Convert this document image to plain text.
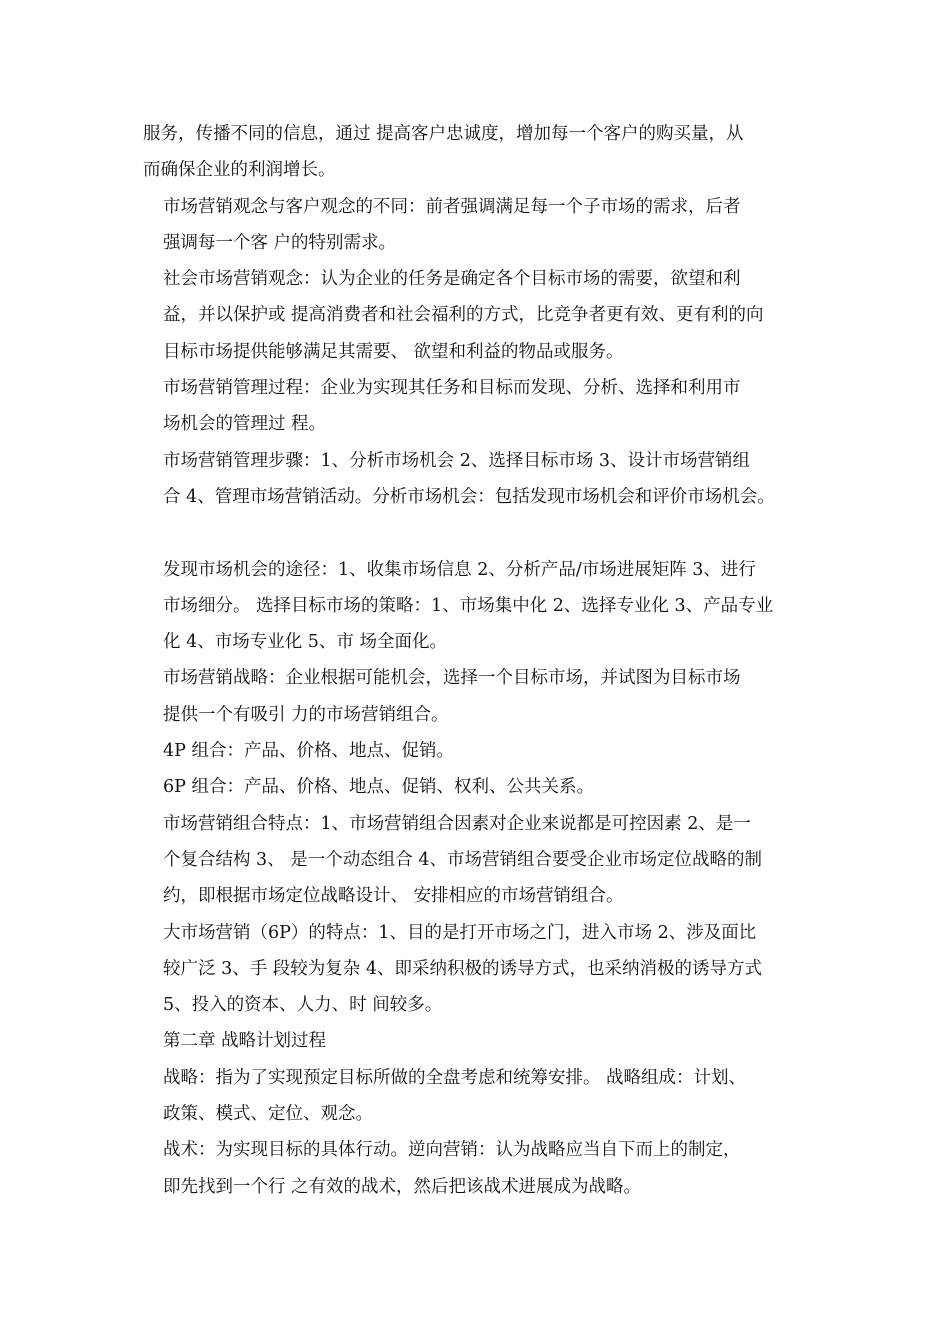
服务，传播不同的信息，通过 提高客户忠诚度，增加每一个客户的购买量，从
而确保企业的利润增长。

市场营销观念与客户观念的不同：前者强调满足每一个子市场的需求，后者
强调每一个客 户的特别需求。

社会市场营销观念：认为企业的任务是确定各个目标市场的需要，欲望和利
益，并以保护或 提高消费者和社会福利的方式，比竞争者更有效、更有利的向
目标市场提供能够满足其需要、 欲望和利益的物品或服务。

市场营销管理过程：企业为实现其任务和目标而发现、分析、选择和利用市
场机会的管理过 程。

市场营销管理步骤：1、分析市场机会 2、选择目标市场 3、设计市场营销组
合 4、管理市场营销活动。分析市场机会：包括发现市场机会和评价市场机会。

发现市场机会的途径：1、收集市场信息 2、分析产品/市场进展矩阵 3、进行
市场细分。 选择目标市场的策略：1、市场集中化 2、选择专业化 3、产品专业
化 4、市场专业化 5、市 场全面化。

市场营销战略：企业根据可能机会，选择一个目标市场，并试图为目标市场
提供一个有吸引 力的市场营销组合。

4P 组合：产品、价格、地点、促销。

6P 组合：产品、价格、地点、促销、权利、公共关系。

市场营销组合特点：1、市场营销组合因素对企业来说都是可控因素 2、是一
个复合结构 3、 是一个动态组合 4、市场营销组合要受企业市场定位战略的制
约，即根据市场定位战略设计、 安排相应的市场营销组合。

大市场营销（6P）的特点：1、目的是打开市场之门，进入市场 2、涉及面比
较广泛 3、手 段较为复杂 4、即采纳积极的诱导方式，也采纳消极的诱导方式
5、投入的资本、人力、时 间较多。

第二章 战略计划过程

战略：指为了实现预定目标所做的全盘考虑和统筹安排。 战略组成：计划、
政策、模式、定位、观念。

战术：为实现目标的具体行动。逆向营销：认为战略应当自下而上的制定，
即先找到一个行 之有效的战术，然后把该战术进展成为战略。
